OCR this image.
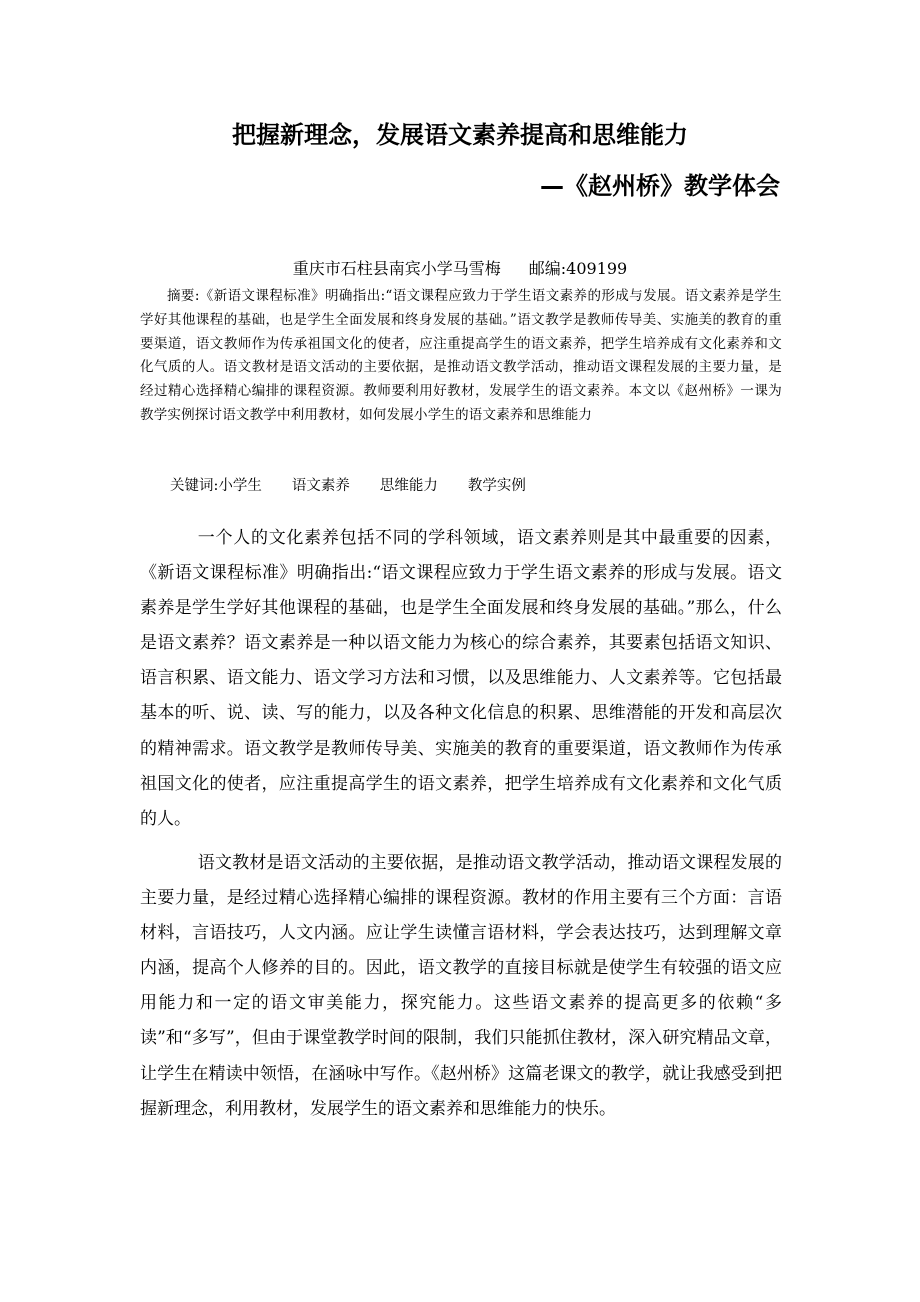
把握新理念，发展语文素养提高和思维能力
—《赵州桥》教学体会
重庆市石柱县南宾小学马雪梅 邮编:409199

摘要:《新语文课程标准》明确指出:“语文课程应致力于学生语文素养的形成与发展。语文素养是学生学好其他课程的基础，也是学生全面发展和终身发展的基础。”语文教学是教师传导美、实施美的教育的重要渠道，语文教师作为传承祖国文化的使者，应注重提高学生的语文素养，把学生培养成有文化素养和文化气质的人。语文教材是语文活动的主要依据，是推动语文教学活动，推动语文课程发展的主要力量，是经过精心选择精心编排的课程资源。教师要利用好教材，发展学生的语文素养。本文以《赵州桥》一课为教学实例探讨语文教学中利用教材，如何发展小学生的语文素养和思维能力

关键词:小学生 语文素养 思维能力 教学实例

一个人的文化素养包括不同的学科领域，语文素养则是其中最重要的因素，《新语文课程标准》明确指出:“语文课程应致力于学生语文素养的形成与发展。语文素养是学生学好其他课程的基础，也是学生全面发展和终身发展的基础。”那么，什么是语文素养？语文素养是一种以语文能力为核心的综合素养，其要素包括语文知识、语言积累、语文能力、语文学习方法和习惯，以及思维能力、人文素养等。它包括最基本的听、说、读、写的能力，以及各种文化信息的积累、思维潜能的开发和高层次的精神需求。语文教学是教师传导美、实施美的教育的重要渠道，语文教师作为传承祖国文化的使者，应注重提高学生的语文素养，把学生培养成有文化素养和文化气质的人。

语文教材是语文活动的主要依据，是推动语文教学活动，推动语文课程发展的主要力量，是经过精心选择精心编排的课程资源。教材的作用主要有三个方面：言语材料，言语技巧，人文内涵。应让学生读懂言语材料，学会表达技巧，达到理解文章内涵，提高个人修养的目的。因此，语文教学的直接目标就是使学生有较强的语文应用能力和一定的语文审美能力，探究能力。这些语文素养的提高更多的依赖“多读”和“多写”，但由于课堂教学时间的限制，我们只能抓住教材，深入研究精品文章，让学生在精读中领悟，在涵咏中写作。《赵州桥》这篇老课文的教学，就让我感受到把握新理念，利用教材，发展学生的语文素养和思维能力的快乐。
